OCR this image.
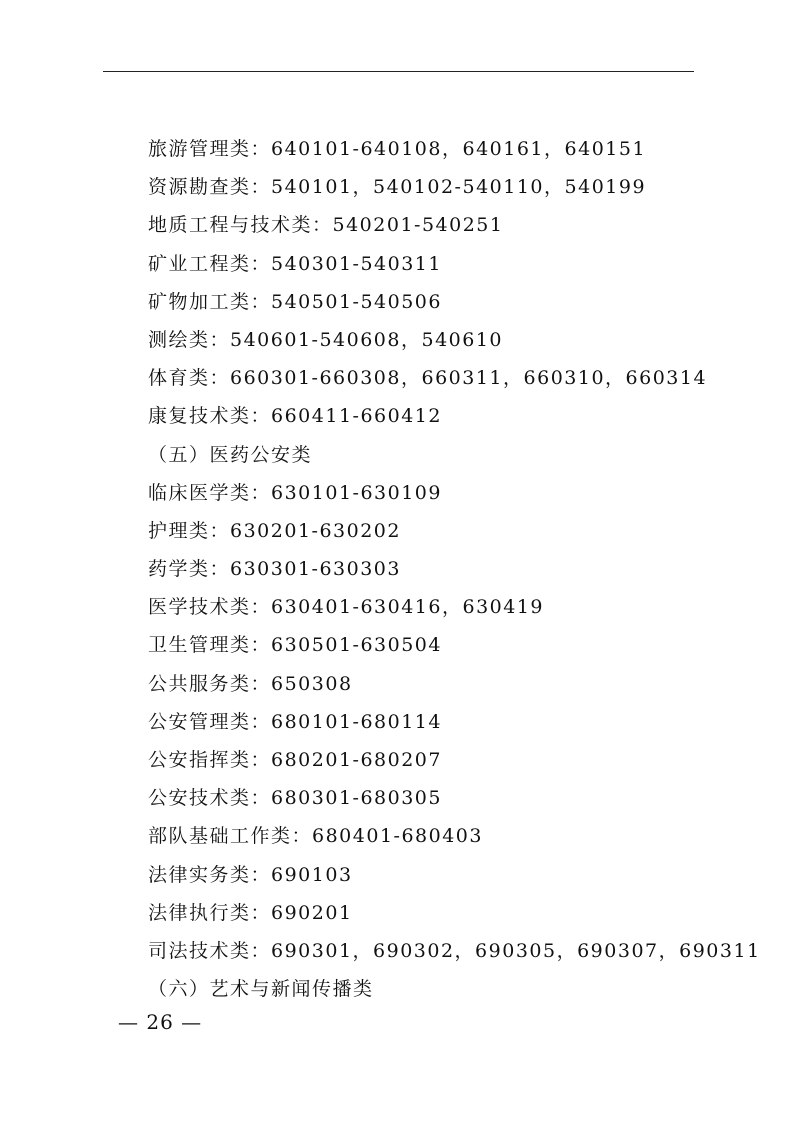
旅游管理类：640101-640108，640161，640151
资源勘查类：540101，540102-540110，540199
地质工程与技术类：540201-540251
矿业工程类：540301-540311
矿物加工类：540501-540506
测绘类：540601-540608，540610
体育类：660301-660308，660311，660310，660314
康复技术类：660411-660412
（五）医药公安类
临床医学类：630101-630109
护理类：630201-630202
药学类：630301-630303
医学技术类：630401-630416，630419
卫生管理类：630501-630504
公共服务类：650308
公安管理类：680101-680114
公安指挥类：680201-680207
公安技术类：680301-680305
部队基础工作类：680401-680403
法律实务类：690103
法律执行类：690201
司法技术类：690301，690302，690305，690307，690311
（六）艺术与新闻传播类
— 26 —
